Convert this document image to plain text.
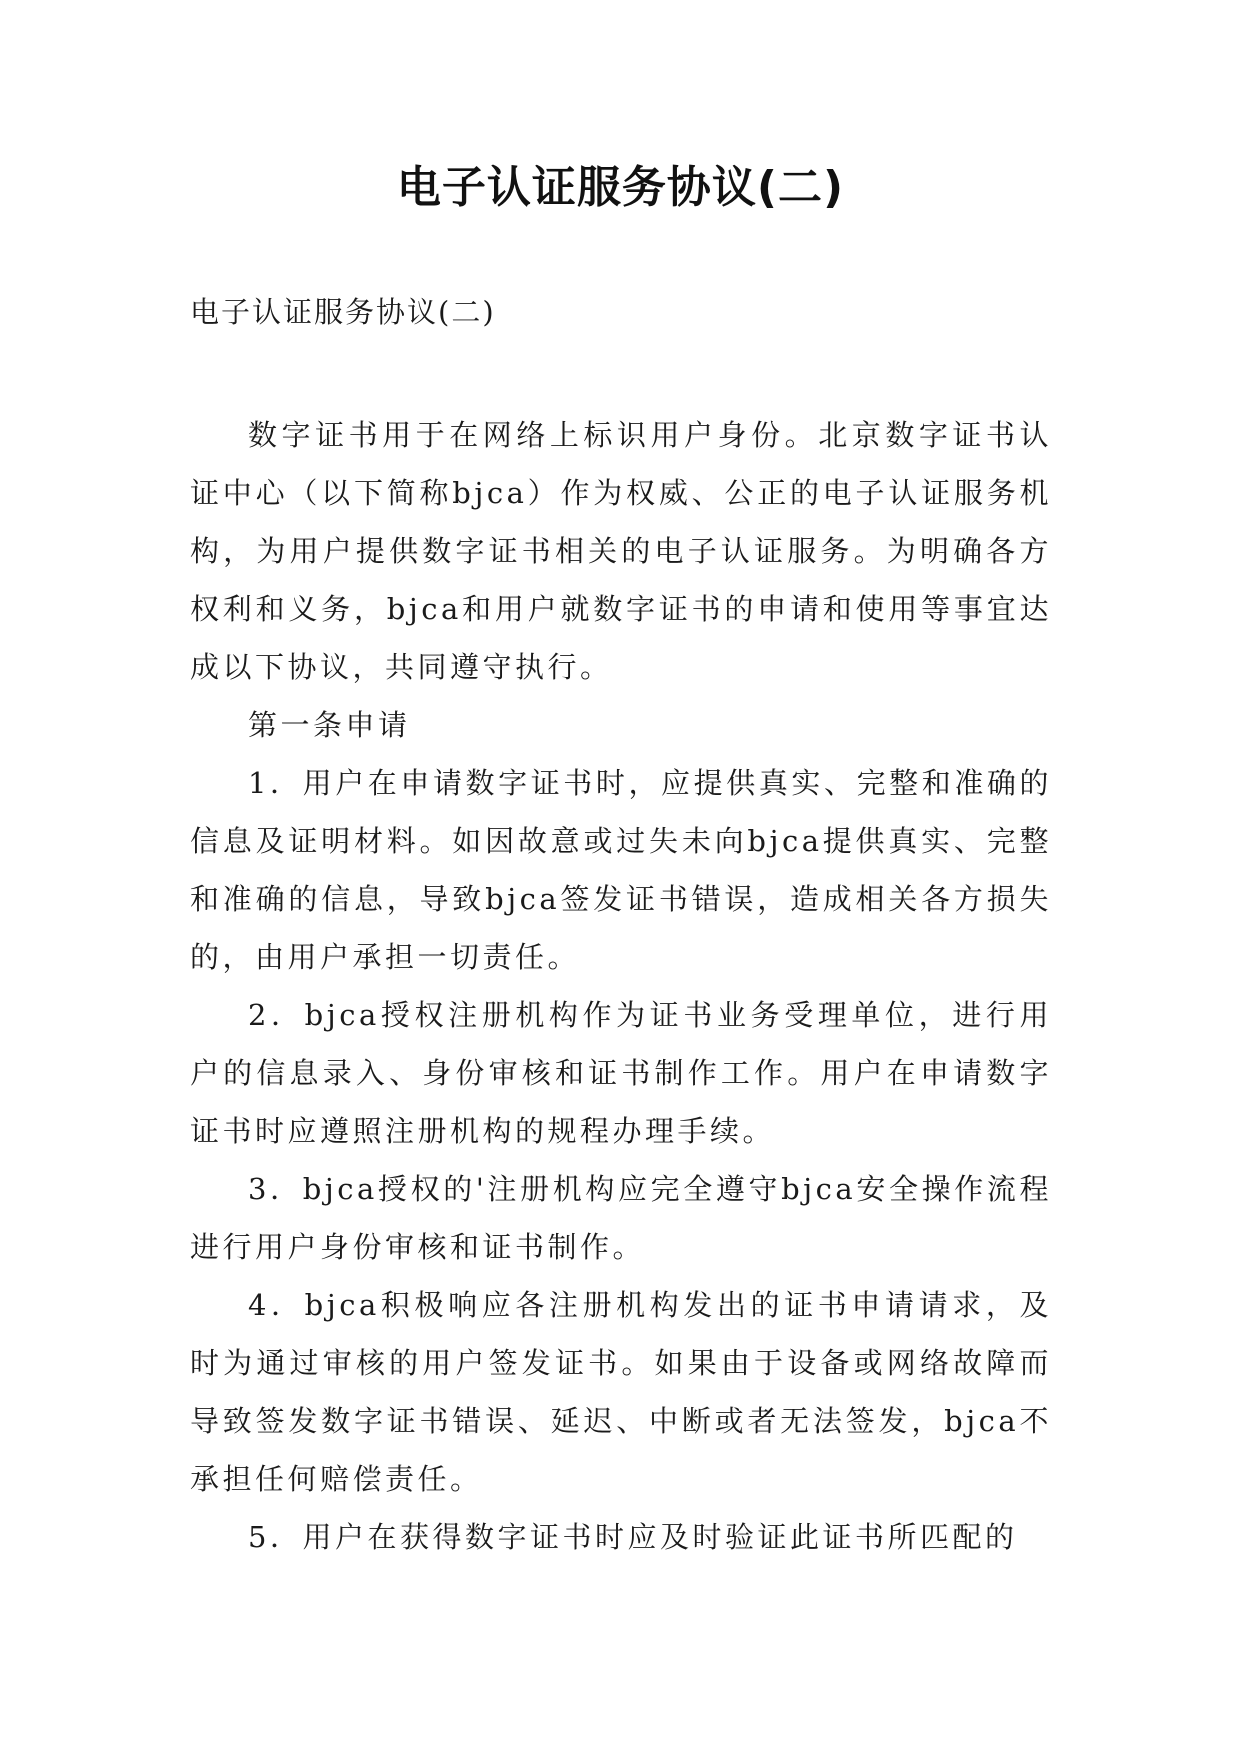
电子认证服务协议(二)
电子认证服务协议(二)

数字证书用于在网络上标识用户身份。北京数字证书认证中心（以下简称bjca）作为权威、公正的电子认证服务机构，为用户提供数字证书相关的电子认证服务。为明确各方权利和义务，bjca和用户就数字证书的申请和使用等事宜达成以下协议，共同遵守执行。

第一条申请

1．用户在申请数字证书时，应提供真实、完整和准确的信息及证明材料。如因故意或过失未向bjca提供真实、完整和准确的信息，导致bjca签发证书错误，造成相关各方损失的，由用户承担一切责任。

2．bjca授权注册机构作为证书业务受理单位，进行用户的信息录入、身份审核和证书制作工作。用户在申请数字证书时应遵照注册机构的规程办理手续。

3．bjca授权的'注册机构应完全遵守bjca安全操作流程进行用户身份审核和证书制作。

4．bjca积极响应各注册机构发出的证书申请请求，及时为通过审核的用户签发证书。如果由于设备或网络故障而导致签发数字证书错误、延迟、中断或者无法签发，bjca不承担任何赔偿责任。

5．用户在获得数字证书时应及时验证此证书所匹配的
